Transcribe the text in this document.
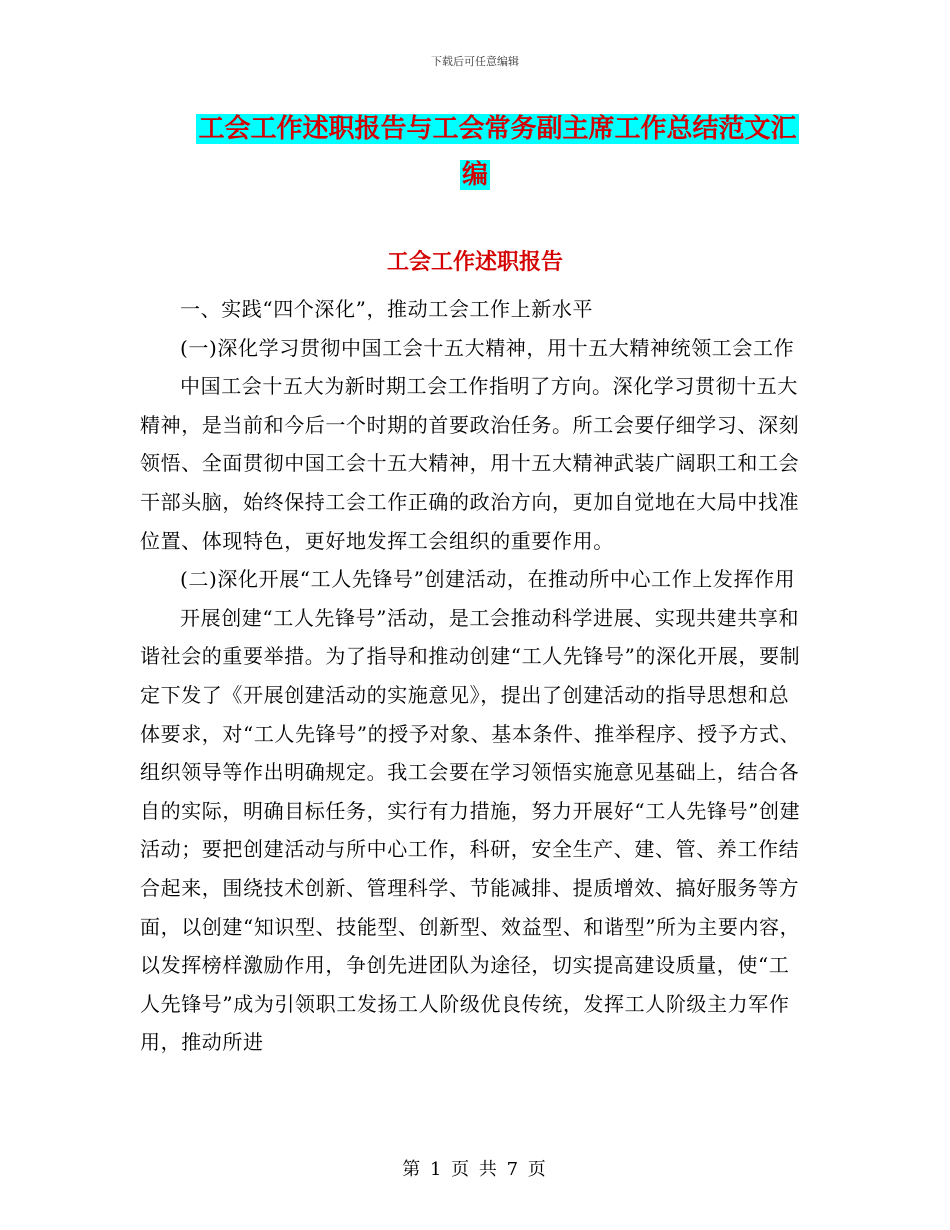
下载后可任意编辑
工会工作述职报告与工会常务副主席工作总结范文汇
编
工会工作述职报告

一、实践“四个深化”，推动工会工作上新水平

(一)深化学习贯彻中国工会十五大精神，用十五大精神统领工会工作

中国工会十五大为新时期工会工作指明了方向。深化学习贯彻十五大精神，是当前和今后一个时期的首要政治任务。所工会要仔细学习、深刻领悟、全面贯彻中国工会十五大精神，用十五大精神武装广阔职工和工会干部头脑，始终保持工会工作正确的政治方向，更加自觉地在大局中找准位置、体现特色，更好地发挥工会组织的重要作用。

(二)深化开展“工人先锋号”创建活动，在推动所中心工作上发挥作用

开展创建“工人先锋号”活动，是工会推动科学进展、实现共建共享和谐社会的重要举措。为了指导和推动创建“工人先锋号”的深化开展，要制定下发了《开展创建活动的实施意见》，提出了创建活动的指导思想和总体要求，对“工人先锋号”的授予对象、基本条件、推举程序、授予方式、组织领导等作出明确规定。我工会要在学习领悟实施意见基础上，结合各自的实际，明确目标任务，实行有力措施，努力开展好“工人先锋号”创建活动；要把创建活动与所中心工作，科研，安全生产、建、管、养工作结合起来，围绕技术创新、管理科学、节能减排、提质增效、搞好服务等方面，以创建“知识型、技能型、创新型、效益型、和谐型”所为主要内容，以发挥榜样激励作用，争创先进团队为途径，切实提高建设质量，使“工人先锋号”成为引领职工发扬工人阶级优良传统，发挥工人阶级主力军作用，推动所进

第 1 页 共 7 页
